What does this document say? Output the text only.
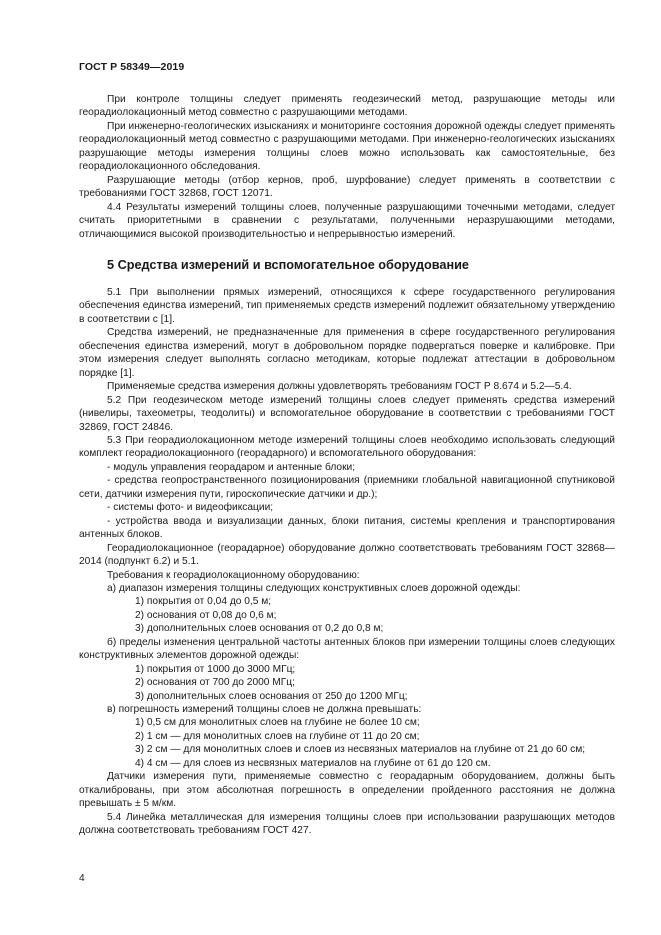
ГОСТ Р 58349—2019

При контроле толщины следует применять геодезический метод, разрушающие методы или георадиолокационный метод совместно с разрушающими методами.

При инженерно-геологических изысканиях и мониторинге состояния дорожной одежды следует применять георадиолокационный метод совместно с разрушающими методами. При инженерно-геологических изысканиях разрушающие методы измерения толщины слоев можно использовать как самостоятельные, без георадиолокационного обследования.

Разрушающие методы (отбор кернов, проб, шурфование) следует применять в соответствии с требованиями ГОСТ 32868, ГОСТ 12071.

4.4 Результаты измерений толщины слоев, полученные разрушающими точечными методами, следует считать приоритетными в сравнении с результатами, полученными неразрушающими методами, отличающимися высокой производительностью и непрерывностью измерений.

5 Средства измерений и вспомогательное оборудование

5.1 При выполнении прямых измерений, относящихся к сфере государственного регулирования обеспечения единства измерений, тип применяемых средств измерений подлежит обязательному утверждению в соответствии с [1].

Средства измерений, не предназначенные для применения в сфере государственного регулирования обеспечения единства измерений, могут в добровольном порядке подвергаться поверке и калибровке. При этом измерения следует выполнять согласно методикам, которые подлежат аттестации в добровольном порядке [1].

Применяемые средства измерения должны удовлетворять требованиям ГОСТ Р 8.674 и 5.2—5.4.

5.2 При геодезическом методе измерений толщины слоев следует применять средства измерений (нивелиры, тахеометры, теодолиты) и вспомогательное оборудование в соответствии с требованиями ГОСТ 32869, ГОСТ 24846.

5.3 При георадиолокационном методе измерений толщины слоев необходимо использовать следующий комплект георадиолокационного (георадарного) и вспомогательного оборудования:

- модуль управления георадаром и антенные блоки;

- средства геопространственного позиционирования (приемники глобальной навигационной спутниковой сети, датчики измерения пути, гироскопические датчики и др.);

- системы фото- и видеофиксации;

- устройства ввода и визуализации данных, блоки питания, системы крепления и транспортирования антенных блоков.

Георадиолокационное (георадарное) оборудование должно соответствовать требованиям ГОСТ 32868—2014 (подпункт 6.2) и 5.1.

Требования к георадиолокационному оборудованию:

а) диапазон измерения толщины следующих конструктивных слоев дорожной одежды:

1) покрытия от 0,04 до 0,5 м;

2) основания от 0,08 до 0,6 м;

3) дополнительных слоев основания от 0,2 до 0,8 м;

б) пределы изменения центральной частоты антенных блоков при измерении толщины слоев следующих конструктивных элементов дорожной одежды:

1) покрытия от 1000 до 3000 МГц;

2) основания от 700 до 2000 МГц;

3) дополнительных слоев основания от 250 до 1200 МГц;

в) погрешность измерений толщины слоев не должна превышать:

1) 0,5 см для монолитных слоев на глубине не более 10 см;

2) 1 см — для монолитных слоев на глубине от 11 до 20 см;

3) 2 см — для монолитных слоев и слоев из несвязных материалов на глубине от 21 до 60 см;

4) 4 см — для слоев из несвязных материалов на глубине от 61 до 120 см.

Датчики измерения пути, применяемые совместно с георадарным оборудованием, должны быть откалиброваны, при этом абсолютная погрешность в определении пройденного расстояния не должна превышать ± 5 м/км.

5.4 Линейка металлическая для измерения толщины слоев при использовании разрушающих методов должна соответствовать требованиям ГОСТ 427.

4
